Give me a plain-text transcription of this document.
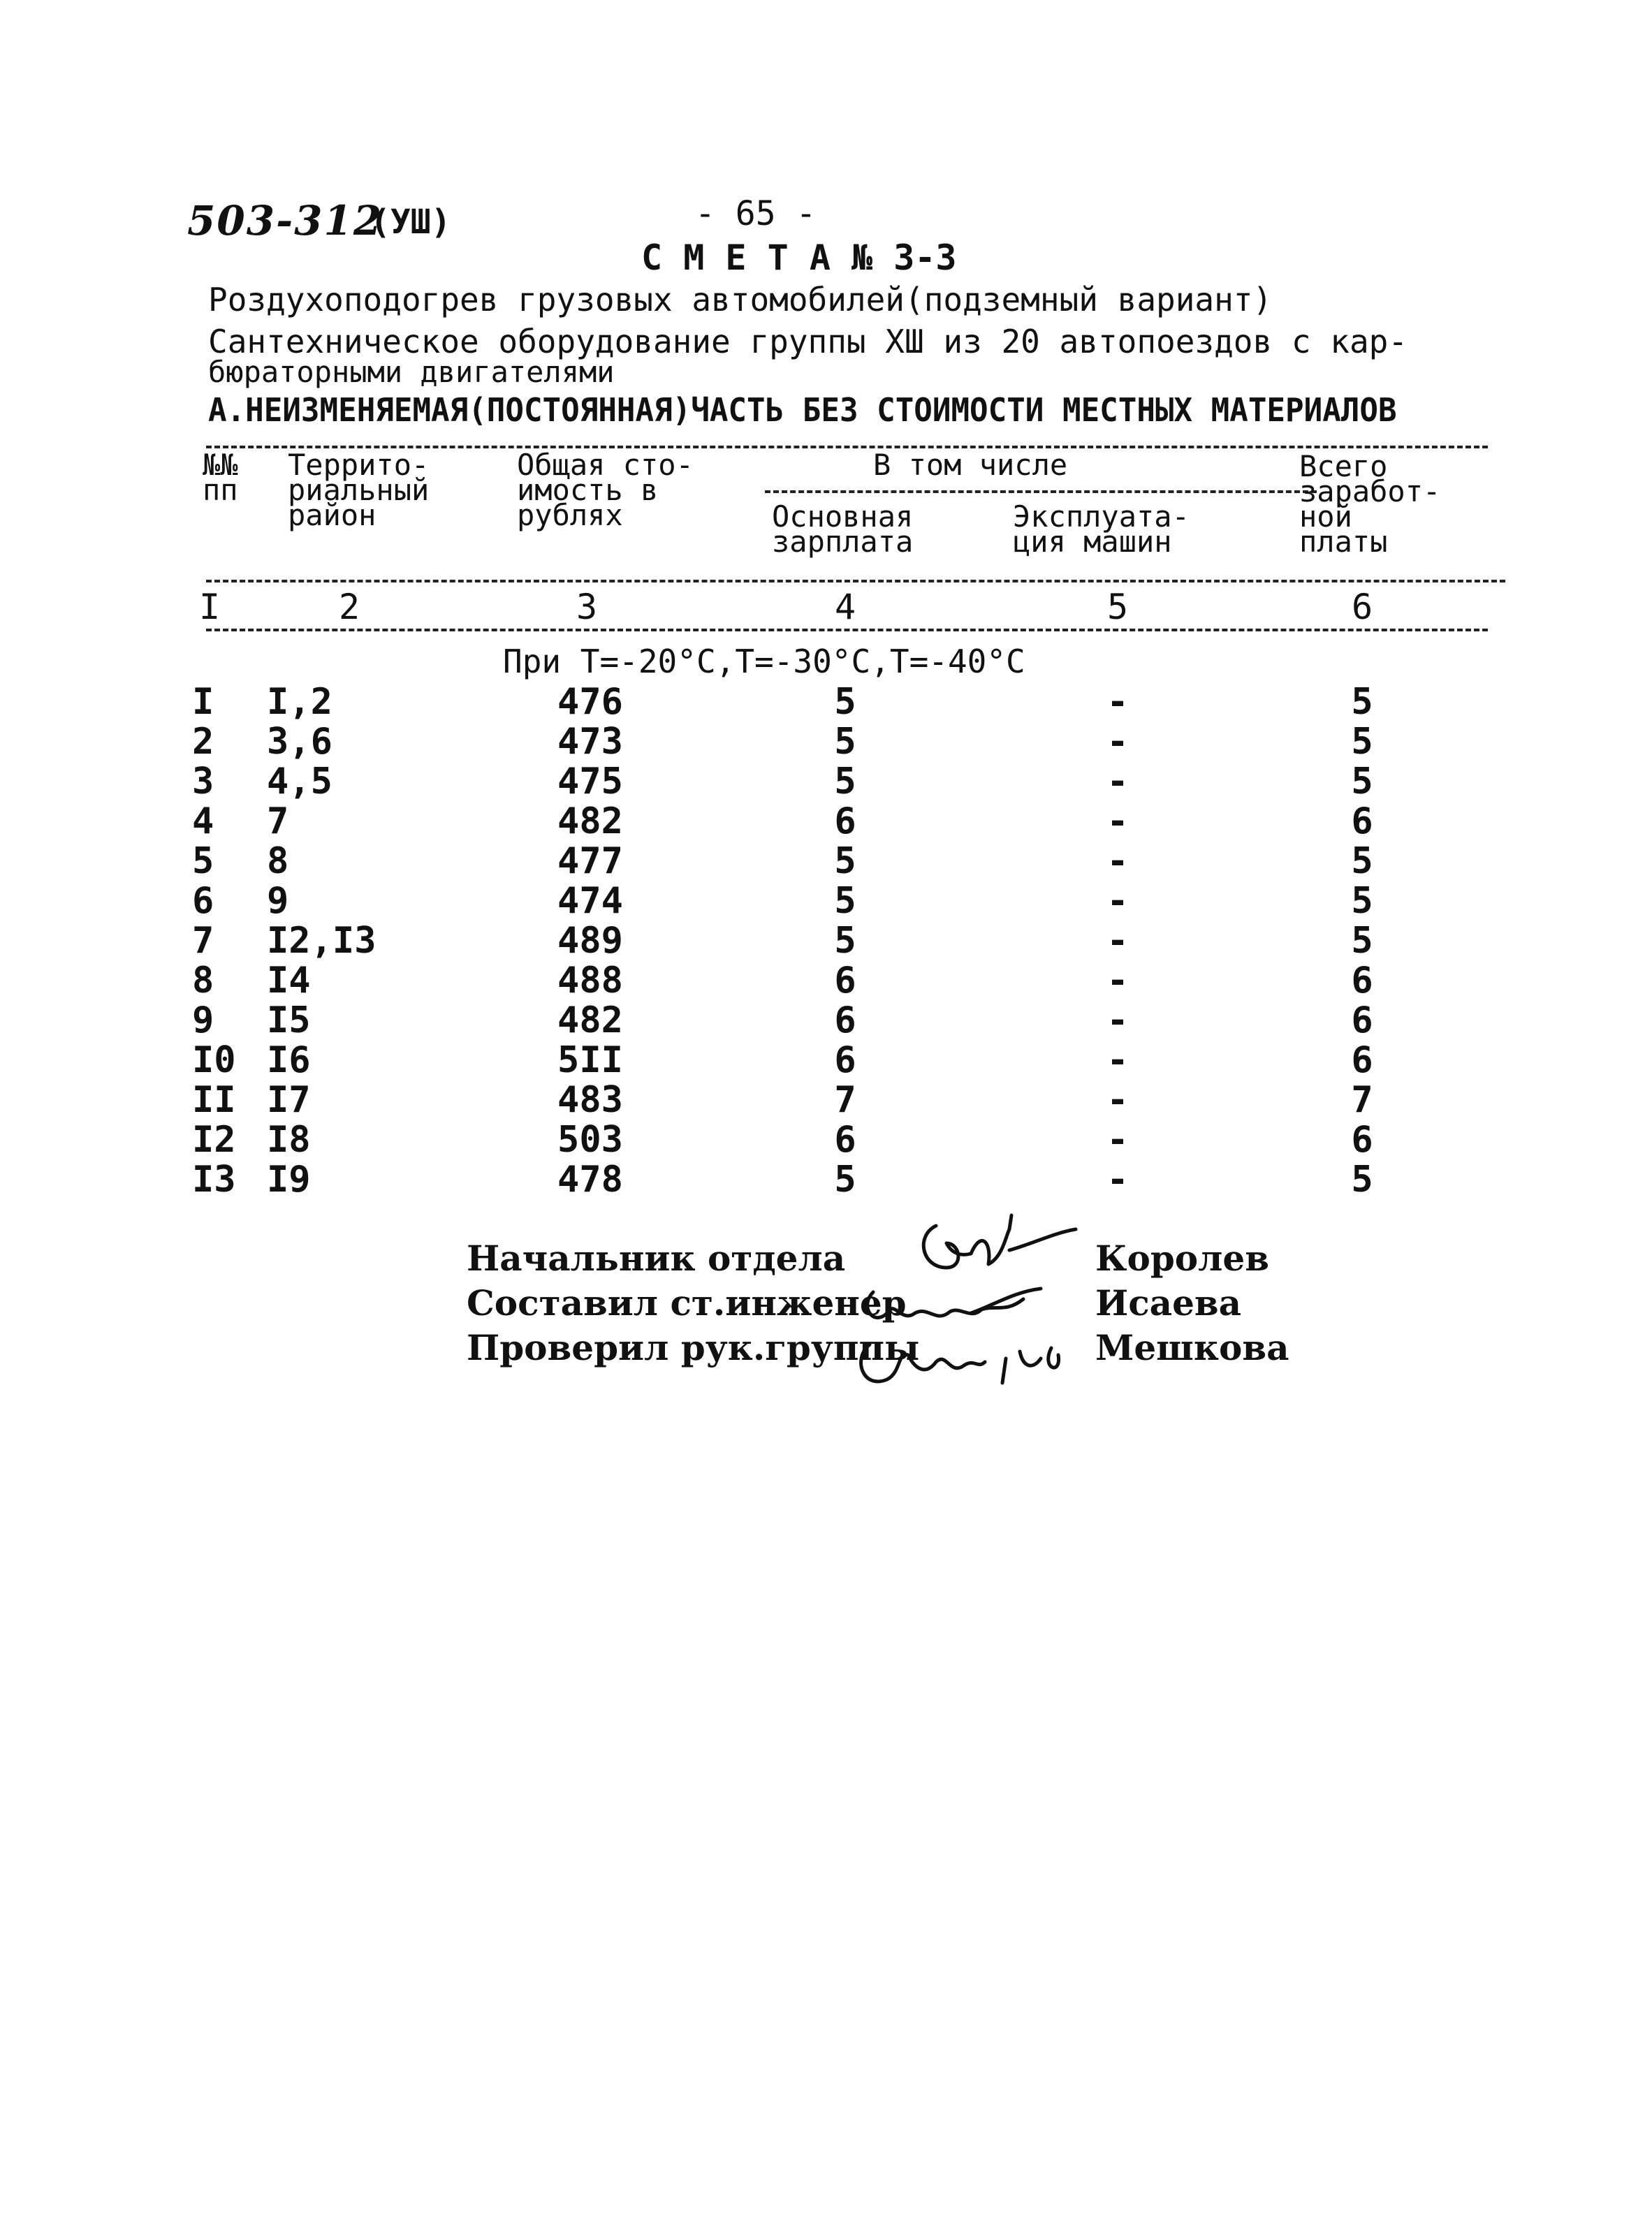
503-312
(УШ)	- 65 -
С М Е Т А № 3-3
Роздухоподогрев грузовых автомобилей(подземный вариант)
Сантехническое оборудование группы XШ из 20 автопоездов с кар-
бюраторными двигателями
А.НЕИЗМЕНЯЕМАЯ(ПОСТОЯННАЯ)ЧАСТЬ БЕЗ СТОИМОСТИ МЕСТНЫХ МАТЕРИАЛОВ
№№
пп
Террито-
риальный
район
Общая сто-
имость в
рублях
В том числе
Основная
зарплата
Эксплуата-
ция машин
Всего
заработ-
ной
платы
I	2	3	4	5	6
При Т=-20°С,Т=-30°С,Т=-40°С
I I,2	476	5	-	5
2 3,6	473	5	-	5
3 4,5	475	5	-	5
4 7	482	6	-	6
5 8	477	5	-	5
6 9	474	5	-	5
7 I2,I3	489	5	-	5
8 I4	488	6	-	6
9 I5	482	6	-	6
I0 I6	5II	6	-	6
II I7	483	7	-	7
I2 I8	503	6	-	6
I3 I9	478	5	-	5
Начальник отдела	Королев
Составил ст.инженер	Исаева
Проверил рук.группы	Мешкова
